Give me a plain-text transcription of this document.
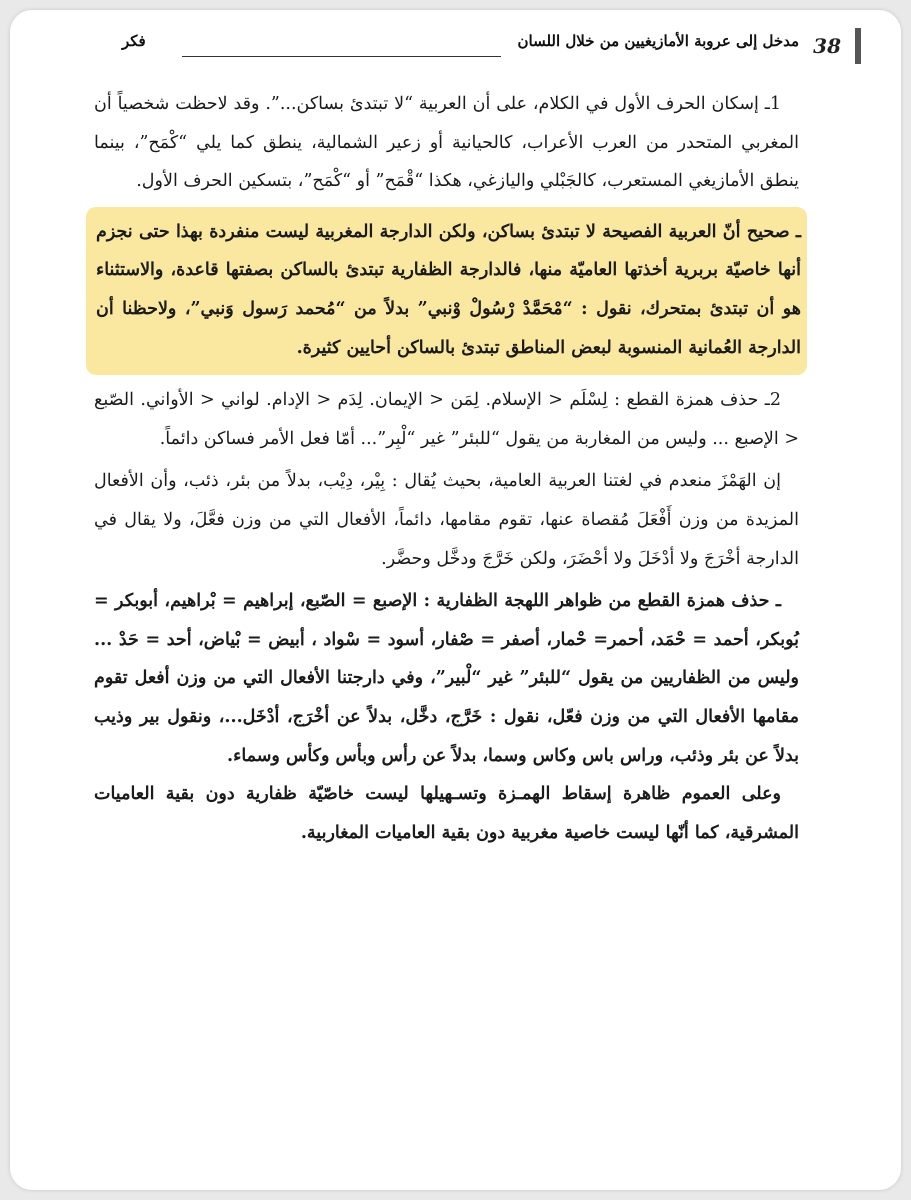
38
مدخل إلى عروبة الأمازيغيين من خلال اللسان
فكر

1ـ إسكان الحرف الأول في الكلام، على أن العربية “لا تبتدئ بساكن...”. وقد لاحظت شخصياً أن المغربي المتحدر من العرب الأعراب، كالحيانية أو زعير الشمالية، ينطق كما يلي “كْمَح”، بينما ينطق الأمازيغي المستعرب، كالجَبْلي واليازغي، هكذا “قْمَح” أو “كْمَح”، بتسكين الحرف الأول.

ـ صحيح أنّ العربية الفصيحة لا تبتدئ بساكن، ولكن الدارجة المغربية ليست منفردة بهذا حتى نجزم أنها خاصيّة بربرية أخذتها العاميّة منها، فالدارجة الظفارية تبتدئ بالساكن بصفتها قاعدة، والاستثناء هو أن تبتدئ بمتحرك، نقول : “مْحَمَّدْ رْسُولْ وْنبي” بدلاً من “مُحمد رَسول وَنبي”، ولاحظنا أن الدارجة العُمانية المنسوبة لبعض المناطق تبتدئ بالساكن أحايين كثيرة.

2ـ حذف همزة القطع : لِسْلَم < الإسلام. لِمَن < الإيمان. لِدَم < الإدام. لواني < الأواني. الصّبع < الإصبع ... وليس من المغاربة من يقول “للبئر” غير “لْبِر”... أمّا فعل الأمر فساكن دائماً.

إن الهَمْزَ منعدم في لغتنا العربية العامية، بحيث يُقال : بِيْر، دِيْب، بدلاً من بئر، ذئب، وأن الأفعال المزيدة من وزن أَفْعَلَ مُقصاة عنها، تقوم مقامها، دائماً، الأفعال التي من وزن فعَّلَ، ولا يقال في الدارجة أخْرَجَ ولا أدْخَلَ ولا أحْضَرَ، ولكن خَرَّجَ ودخَّل وحضَّر.

ـ حذف همزة القطع من ظواهر اللهجة الظفارية : الإصبع = الصّبع، إبراهيم = بْراهيم، أبوبكر = بُوبكر، أحمد = حْمَد، أحمر= حْمار، أصفر = صْفار، أسود = سْواد ، أبيض = بْياض، أحد = حَدْ ... وليس من الظفاريين من يقول “للبئر” غير “لْبير”، وفي دارجتنا الأفعال التي من وزن أفعل تقوم مقامها الأفعال التي من وزن فعّل، نقول : خَرَّج، دخَّل، بدلاً عن أخْرَج، أدْخَل...، ونقول بير وذيب بدلاً عن بئر وذئب، وراس باس وكاس وسما، بدلاً عن رأس وبأس وكأس وسماء.

وعلى العموم ظاهرة إسقاط الهمـزة وتسـهيلها ليست خاصّيّة ظفارية دون بقية العاميات المشرقية، كما أنّها ليست خاصية مغربية دون بقية العاميات المغاربية.
